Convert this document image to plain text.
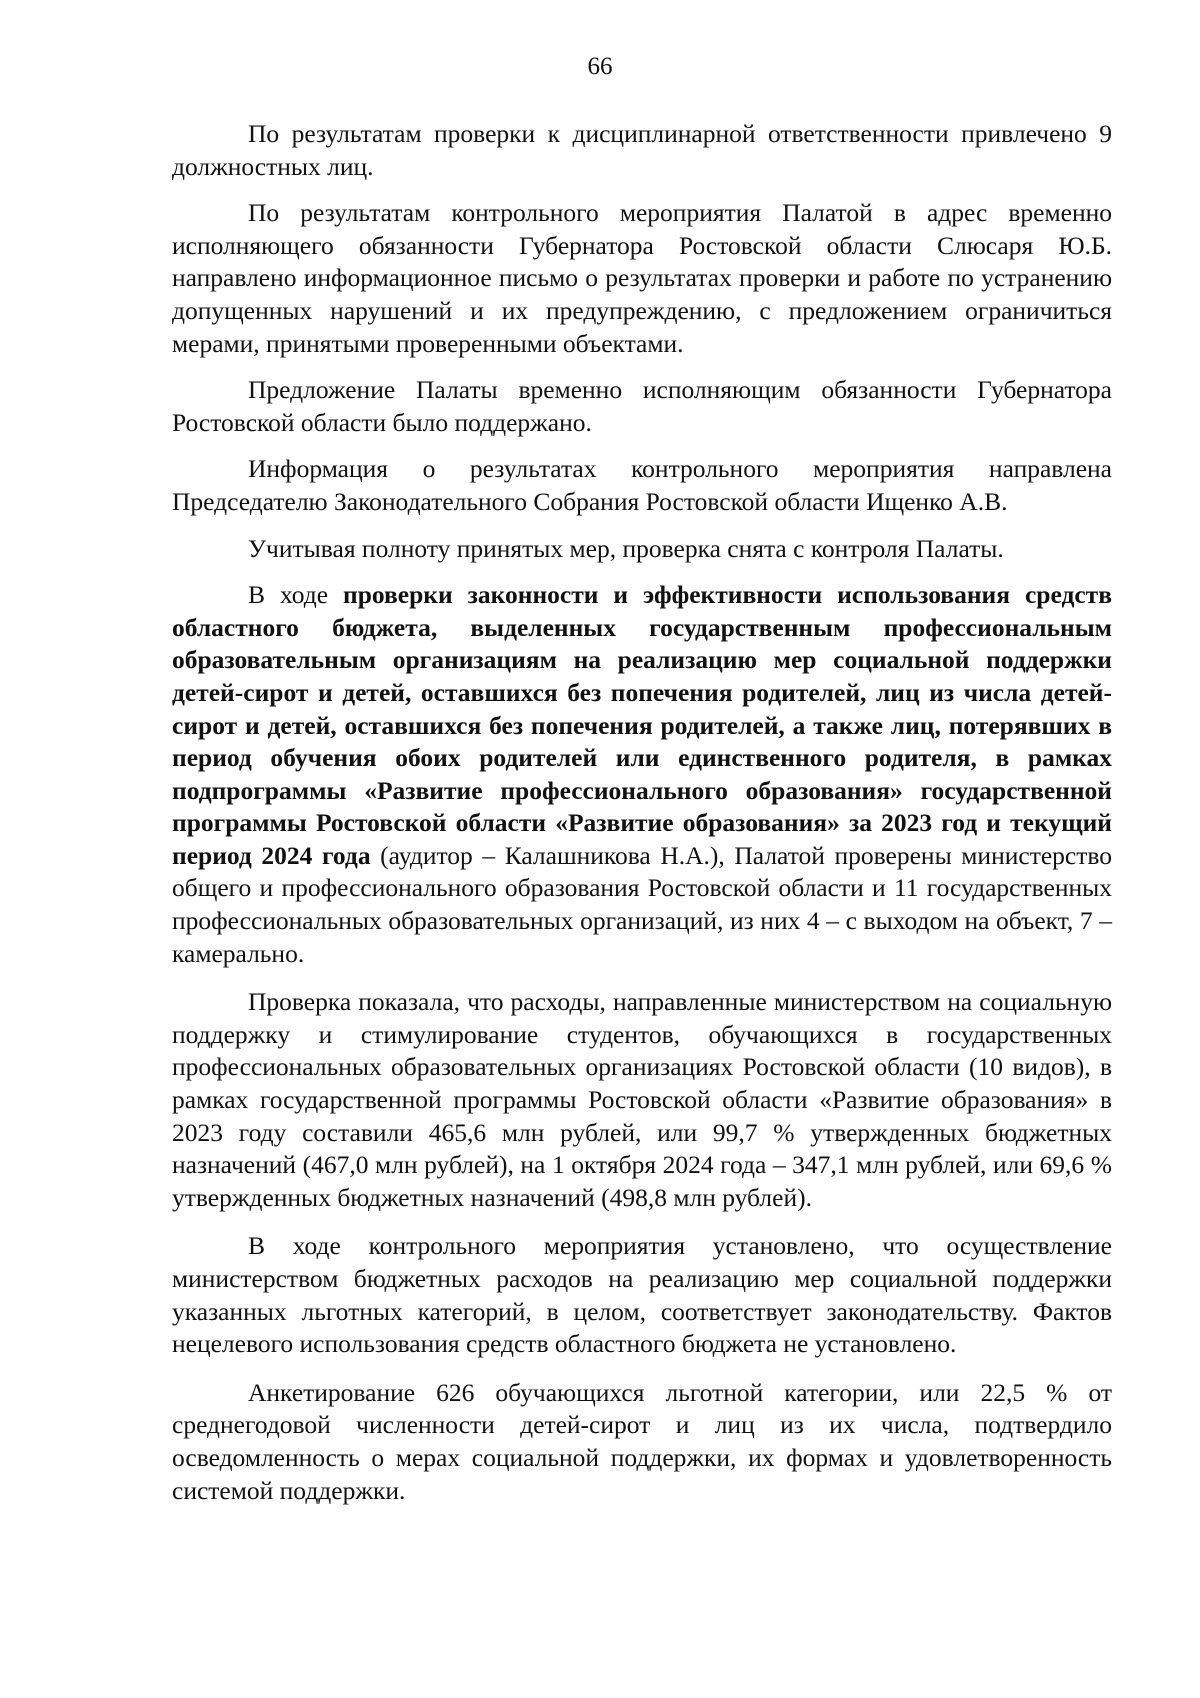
66

По результатам проверки к дисциплинарной ответственности привлечено 9 должностных лиц.

По результатам контрольного мероприятия Палатой в адрес временно исполняющего обязанности Губернатора Ростовской области Слюсаря Ю.Б. направлено информационное письмо о результатах проверки и работе по устранению допущенных нарушений и их предупреждению, с предложением ограничиться мерами, принятыми проверенными объектами.

Предложение Палаты временно исполняющим обязанности Губернатора Ростовской области было поддержано.

Информация о результатах контрольного мероприятия направлена Председателю Законодательного Собрания Ростовской области Ищенко А.В.

Учитывая полноту принятых мер, проверка снята с контроля Палаты.

В ходе проверки законности и эффективности использования средств областного бюджета, выделенных государственным профессиональным образовательным организациям на реализацию мер социальной поддержки детей-сирот и детей, оставшихся без попечения родителей, лиц из числа детей-сирот и детей, оставшихся без попечения родителей, а также лиц, потерявших в период обучения обоих родителей или единственного родителя, в рамках подпрограммы «Развитие профессионального образования» государственной программы Ростовской области «Развитие образования» за 2023 год и текущий период 2024 года (аудитор – Калашникова Н.А.), Палатой проверены министерство общего и профессионального образования Ростовской области и 11 государственных профессиональных образовательных организаций, из них 4 – с выходом на объект, 7 – камерально.

Проверка показала, что расходы, направленные министерством на социальную поддержку и стимулирование студентов, обучающихся в государственных профессиональных образовательных организациях Ростовской области (10 видов), в рамках государственной программы Ростовской области «Развитие образования» в 2023 году составили 465,6 млн рублей, или 99,7 % утвержденных бюджетных назначений (467,0 млн рублей), на 1 октября 2024 года – 347,1 млн рублей, или 69,6 % утвержденных бюджетных назначений (498,8 млн рублей).

В ходе контрольного мероприятия установлено, что осуществление министерством бюджетных расходов на реализацию мер социальной поддержки указанных льготных категорий, в целом, соответствует законодательству. Фактов нецелевого использования средств областного бюджета не установлено.

Анкетирование 626 обучающихся льготной категории, или 22,5 % от среднегодовой численности детей-сирот и лиц из их числа, подтвердило осведомленность о мерах социальной поддержки, их формах и удовлетворенность системой поддержки.
